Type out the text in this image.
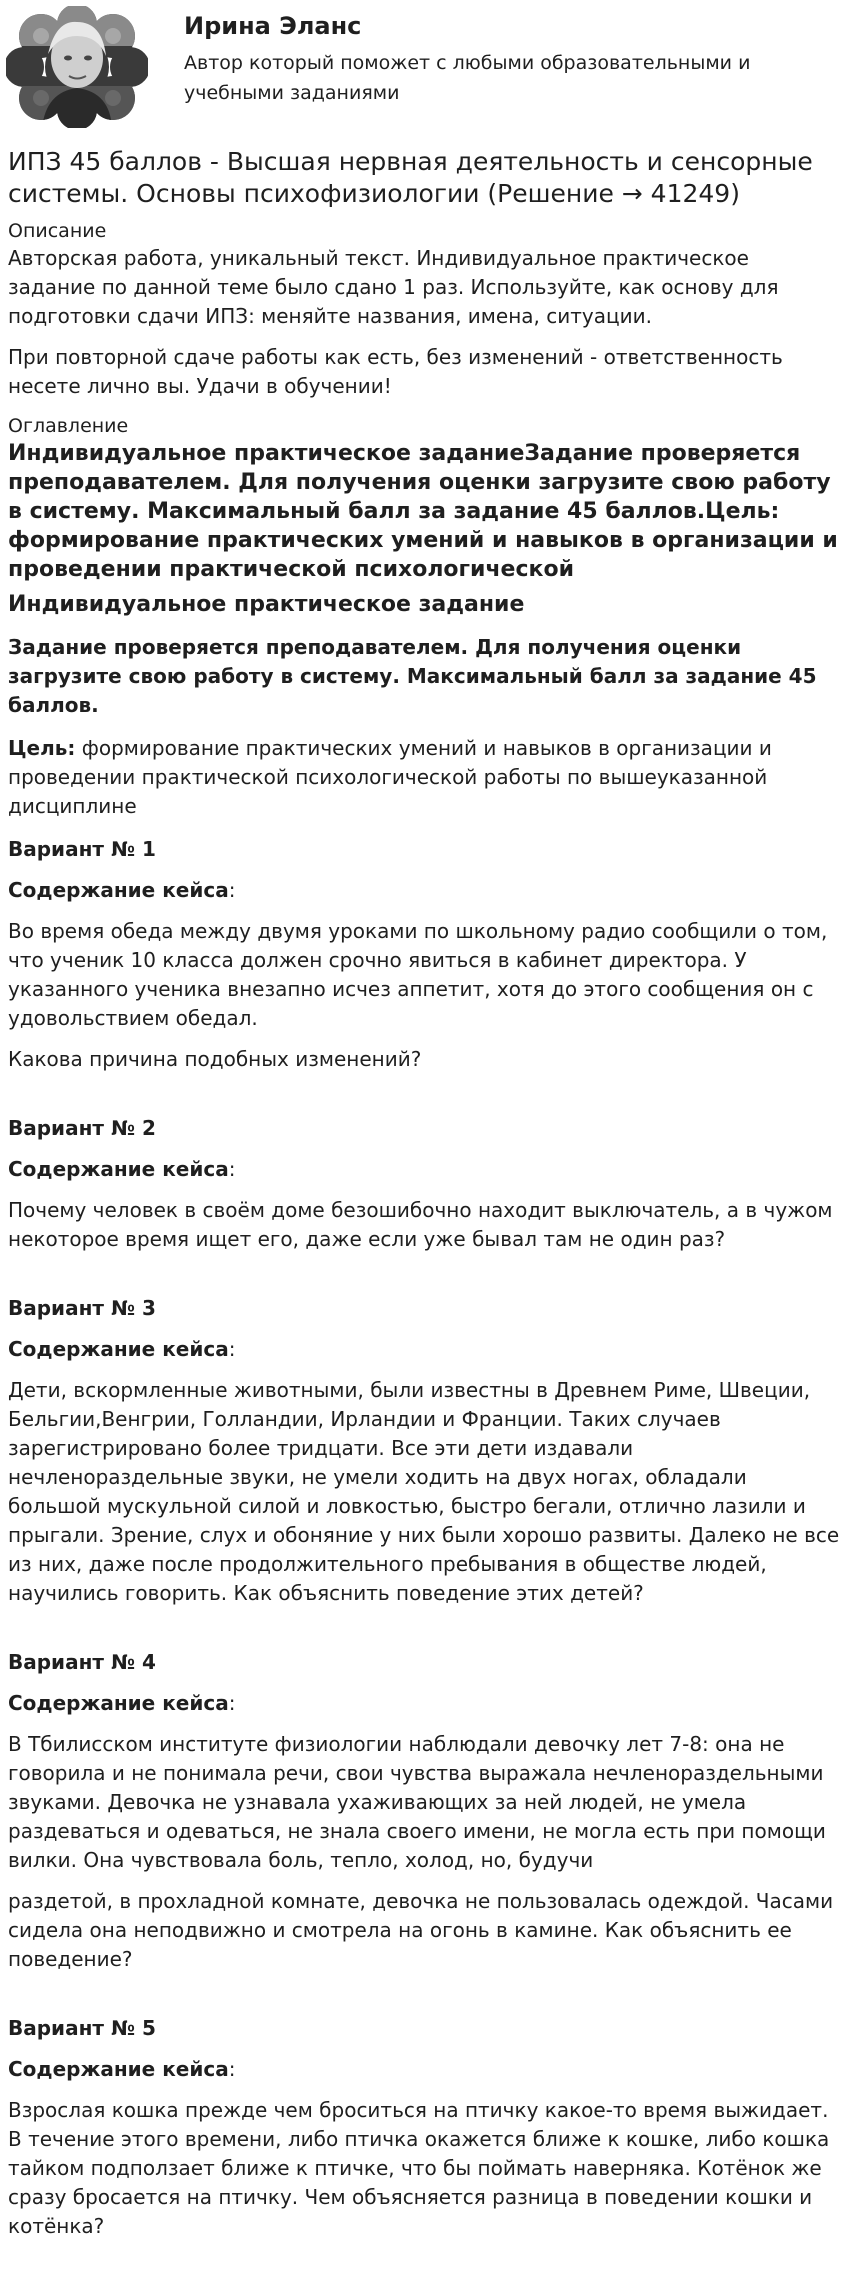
Ирина Эланс
Автор который поможет с любыми образовательными и учебными заданиями
ИПЗ 45 баллов - Высшая нервная деятельность и сенсорные системы. Основы психофизиологии (Решение → 41249)
Описание

Авторская работа, уникальный текст. Индивидуальное практическое задание по данной теме было сдано 1 раз. Используйте, как основу для подготовки сдачи ИПЗ: меняйте названия, имена, ситуации.

При повторной сдаче работы как есть, без изменений - ответственность несете лично вы. Удачи в обучении!

Оглавление
Индивидуальное практическое заданиеЗадание проверяется преподавателем. Для получения оценки загрузите свою работу в систему. Максимальный балл за задание 45 баллов.Цель: формирование практических умений и навыков в организации и проведении практической психологической
Индивидуальное практическое задание

Задание проверяется преподавателем. Для получения оценки загрузите свою работу в систему. Максимальный балл за задание 45 баллов.

Цель: формирование практических умений и навыков в организации и проведении практической психологической работы по вышеуказанной дисциплине

Вариант № 1
Содержание кейса:

Во время обеда между двумя уроками по школьному радио сообщили о том, что ученик 10 класса должен срочно явиться в кабинет директора. У указанного ученика внезапно исчез аппетит, хотя до этого сообщения он с удовольствием обедал.

Какова причина подобных изменений?

Вариант № 2
Содержание кейса:

Почему человек в своём доме безошибочно находит выключатель, а в чужом некоторое время ищет его, даже если уже бывал там не один раз?

Вариант № 3
Содержание кейса:

Дети, вскормленные животными, были известны в Древнем Риме, Швеции, Бельгии,Венгрии, Голландии, Ирландии и Франции. Таких случаев зарегистрировано более тридцати. Все эти дети издавали нечленораздельные звуки, не умели ходить на двух ногах, обладали большой мускульной силой и ловкостью, быстро бегали, отлично лазили и прыгали. Зрение, слух и обоняние у них были хорошо развиты. Далеко не все из них, даже после продолжительного пребывания в обществе людей, научились говорить. Как объяснить поведение этих детей?

Вариант № 4
Содержание кейса:

В Тбилисском институте физиологии наблюдали девочку лет 7-8: она не говорила и не понимала речи, свои чувства выражала нечленораздельными звуками. Девочка не узнавала ухаживающих за ней людей, не умела раздеваться и одеваться, не знала своего имени, не могла есть при помощи вилки. Она чувствовала боль, тепло, холод, но, будучи

раздетой, в прохладной комнате, девочка не пользовалась одеждой. Часами сидела она неподвижно и смотрела на огонь в камине. Как объяснить ее поведение?

Вариант № 5
Содержание кейса:

Взрослая кошка прежде чем броситься на птичку какое-то время выжидает. В течение этого времени, либо птичка окажется ближе к кошке, либо кошка тайком подползает ближе к птичке, что бы поймать наверняка. Котёнок же сразу бросается на птичку. Чем объясняется разница в поведении кошки и котёнка?
